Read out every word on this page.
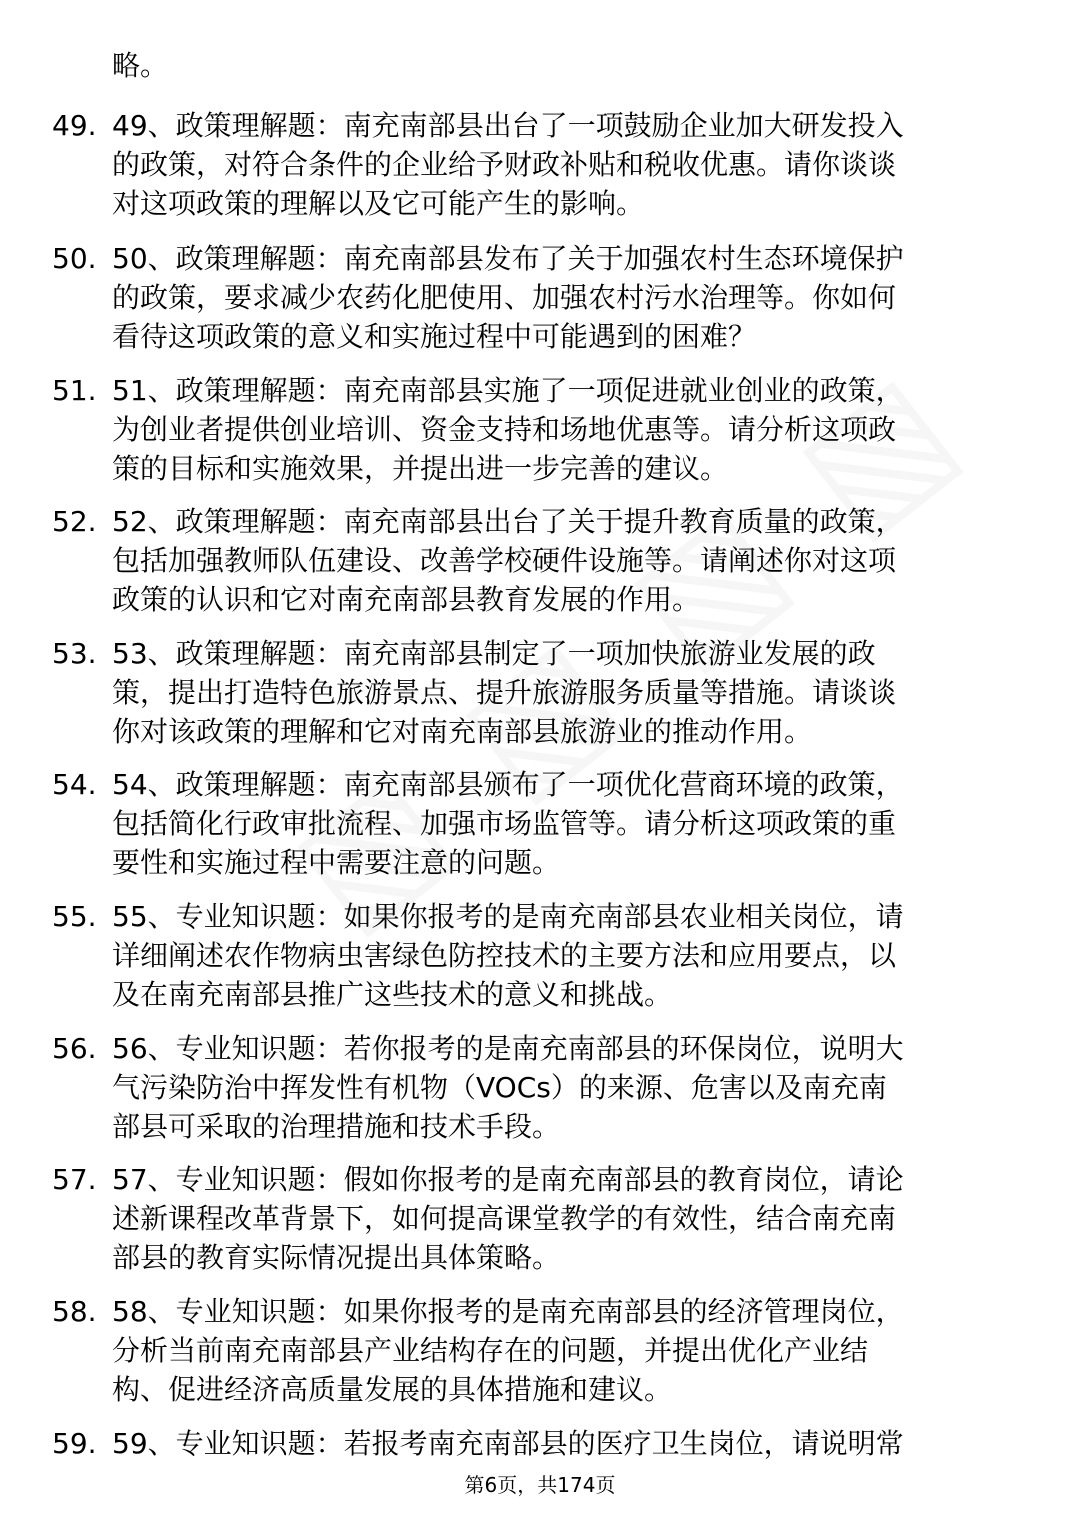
略。
49. 49、政策理解题：南充南部县出台了一项鼓励企业加大研发投入
的政策，对符合条件的企业给予财政补贴和税收优惠。请你谈谈
对这项政策的理解以及它可能产生的影响。
50. 50、政策理解题：南充南部县发布了关于加强农村生态环境保护
的政策，要求减少农药化肥使用、加强农村污水治理等。你如何
看待这项政策的意义和实施过程中可能遇到的困难？
51. 51、政策理解题：南充南部县实施了一项促进就业创业的政策，
为创业者提供创业培训、资金支持和场地优惠等。请分析这项政
策的目标和实施效果，并提出进一步完善的建议。
52. 52、政策理解题：南充南部县出台了关于提升教育质量的政策，
包括加强教师队伍建设、改善学校硬件设施等。请阐述你对这项
政策的认识和它对南充南部县教育发展的作用。
53. 53、政策理解题：南充南部县制定了一项加快旅游业发展的政
策，提出打造特色旅游景点、提升旅游服务质量等措施。请谈谈
你对该政策的理解和它对南充南部县旅游业的推动作用。
54. 54、政策理解题：南充南部县颁布了一项优化营商环境的政策，
包括简化行政审批流程、加强市场监管等。请分析这项政策的重
要性和实施过程中需要注意的问题。
55. 55、专业知识题：如果你报考的是南充南部县农业相关岗位，请
详细阐述农作物病虫害绿色防控技术的主要方法和应用要点，以
及在南充南部县推广这些技术的意义和挑战。
56. 56、专业知识题：若你报考的是南充南部县的环保岗位，说明大
气污染防治中挥发性有机物（VOCs）的来源、危害以及南充南
部县可采取的治理措施和技术手段。
57. 57、专业知识题：假如你报考的是南充南部县的教育岗位，请论
述新课程改革背景下，如何提高课堂教学的有效性，结合南充南
部县的教育实际情况提出具体策略。
58. 58、专业知识题：如果你报考的是南充南部县的经济管理岗位，
分析当前南充南部县产业结构存在的问题，并提出优化产业结
构、促进经济高质量发展的具体措施和建议。
59. 59、专业知识题：若报考南充南部县的医疗卫生岗位，请说明常
第6页，共174页
